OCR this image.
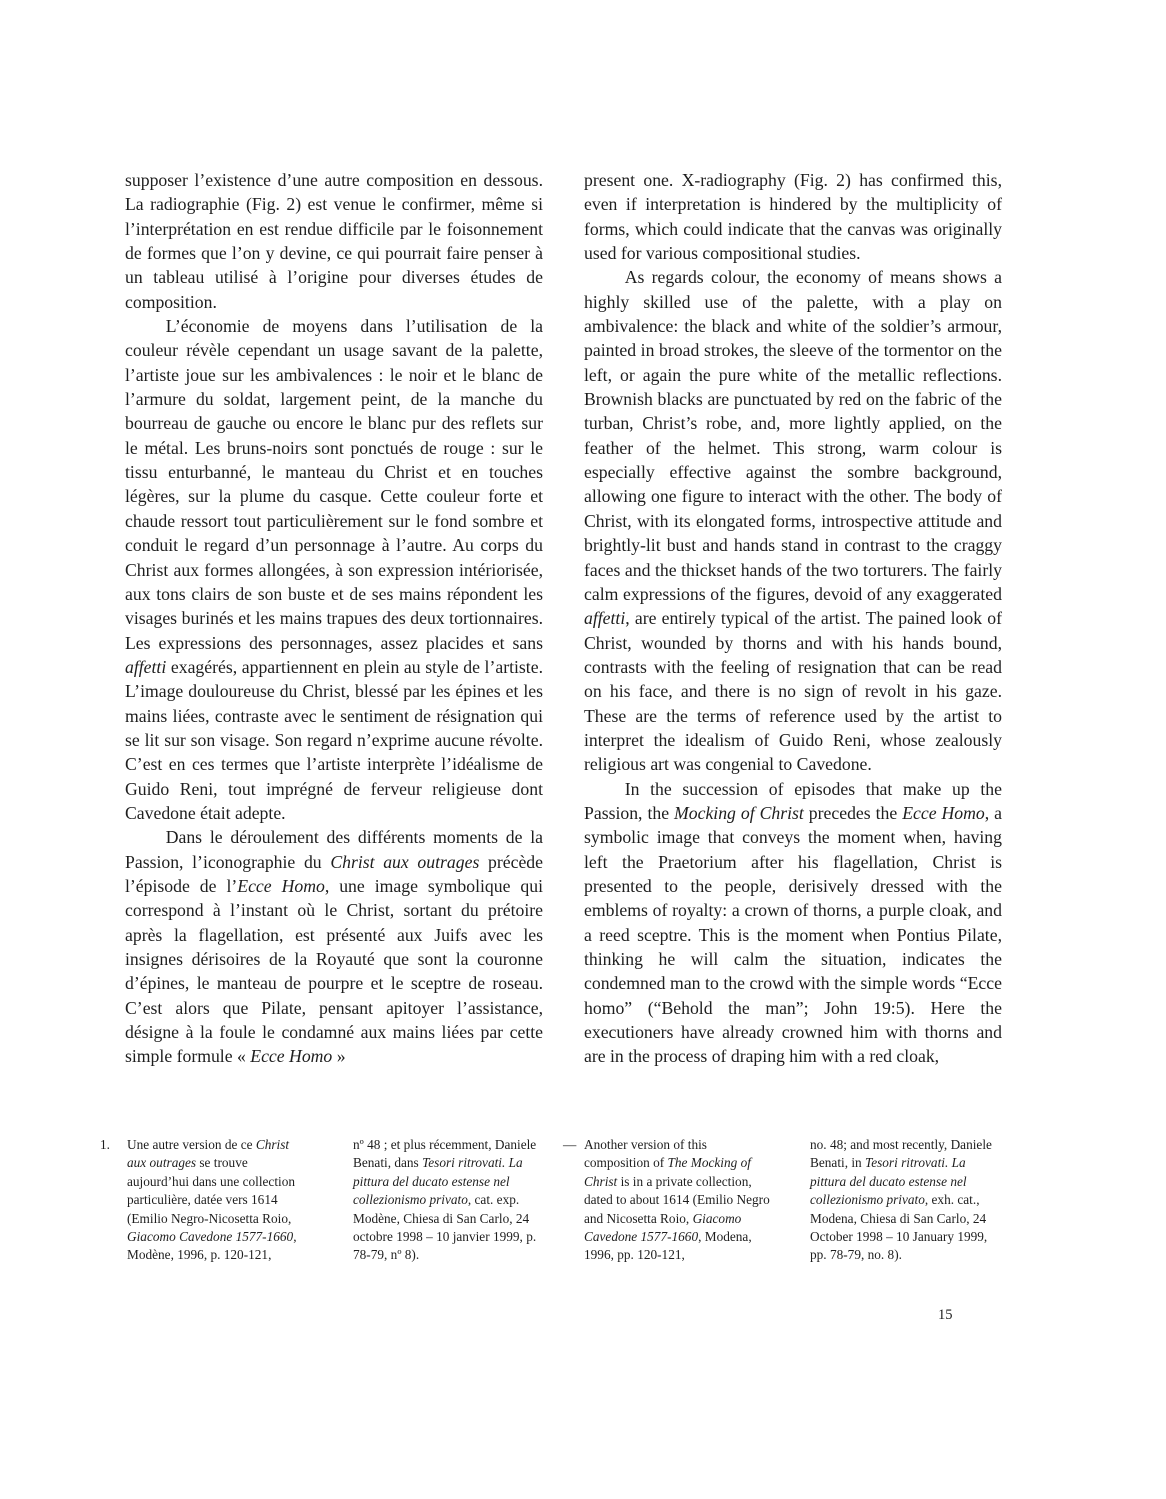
supposer l’existence d’une autre composition en dessous. La radiographie (Fig. 2) est venue le confirmer, même si l’interprétation en est rendue difficile par le foisonnement de formes que l’on y devine, ce qui pourrait faire penser à un tableau utilisé à l’origine pour diverses études de composition.

L’économie de moyens dans l’utilisation de la couleur révèle cependant un usage savant de la palette, l’artiste joue sur les ambivalences : le noir et le blanc de l’armure du soldat, largement peint, de la manche du bourreau de gauche ou encore le blanc pur des reflets sur le métal. Les bruns-noirs sont ponctués de rouge : sur le tissu enturbanné, le manteau du Christ et en touches légères, sur la plume du casque. Cette couleur forte et chaude ressort tout particulièrement sur le fond sombre et conduit le regard d’un personnage à l’autre. Au corps du Christ aux formes allongées, à son expression intériorisée, aux tons clairs de son buste et de ses mains répondent les visages burinés et les mains trapues des deux tortionnaires. Les expressions des personnages, assez placides et sans affetti exagérés, appartiennent en plein au style de l’artiste. L’image douloureuse du Christ, blessé par les épines et les mains liées, contraste avec le sentiment de résignation qui se lit sur son visage. Son regard n’exprime aucune révolte. C’est en ces termes que l’artiste interprète l’idéalisme de Guido Reni, tout imprégné de ferveur religieuse dont Cavedone était adepte.

Dans le déroulement des différents moments de la Passion, l’iconographie du Christ aux outrages précède l’épisode de l’Ecce Homo, une image symbolique qui correspond à l’instant où le Christ, sortant du prétoire après la flagellation, est présenté aux Juifs avec les insignes dérisoires de la Royauté que sont la couronne d’épines, le manteau de pourpre et le sceptre de roseau. C’est alors que Pilate, pensant apitoyer l’assistance, désigne à la foule le condamné aux mains liées par cette simple formule « Ecce Homo »

present one. X-radiography (Fig. 2) has confirmed this, even if interpretation is hindered by the multiplicity of forms, which could indicate that the canvas was originally used for various compositional studies.

As regards colour, the economy of means shows a highly skilled use of the palette, with a play on ambivalence: the black and white of the soldier’s armour, painted in broad strokes, the sleeve of the tormentor on the left, or again the pure white of the metallic reflections. Brownish blacks are punctuated by red on the fabric of the turban, Christ’s robe, and, more lightly applied, on the feather of the helmet. This strong, warm colour is especially effective against the sombre background, allowing one figure to interact with the other. The body of Christ, with its elongated forms, introspective attitude and brightly-lit bust and hands stand in contrast to the craggy faces and the thickset hands of the two torturers. The fairly calm expressions of the figures, devoid of any exaggerated affetti, are entirely typical of the artist. The pained look of Christ, wounded by thorns and with his hands bound, contrasts with the feeling of resignation that can be read on his face, and there is no sign of revolt in his gaze. These are the terms of reference used by the artist to interpret the idealism of Guido Reni, whose zealously religious art was congenial to Cavedone.

In the succession of episodes that make up the Passion, the Mocking of Christ precedes the Ecce Homo, a symbolic image that conveys the moment when, having left the Praetorium after his flagellation, Christ is presented to the people, derisively dressed with the emblems of royalty: a crown of thorns, a purple cloak, and a reed sceptre. This is the moment when Pontius Pilate, thinking he will calm the situation, indicates the condemned man to the crowd with the simple words “Ecce homo” (“Behold the man”; John 19:5). Here the executioners have already crowned him with thorns and are in the process of draping him with a red cloak,

1.	Une autre version de ce Christ aux outrages se trouve aujourd’hui dans une collection particulière, datée vers 1614 (Emilio Negro-Nicosetta Roio, Giacomo Cavedone 1577-1660, Modène, 1996, p. 120-121,
nº 48 ; et plus récemment, Daniele Benati, dans Tesori ritrovati. La pittura del ducato estense nel collezionismo privato, cat. exp. Modène, Chiesa di San Carlo, 24 octobre 1998 – 10 janvier 1999, p. 78-79, nº 8).
— Another version of this composition of The Mocking of Christ is in a private collection, dated to about 1614 (Emilio Negro and Nicosetta Roio, Giacomo Cavedone 1577-1660, Modena, 1996, pp. 120-121,
no. 48; and most recently, Daniele Benati, in Tesori ritrovati. La pittura del ducato estense nel collezionismo privato, exh. cat., Modena, Chiesa di San Carlo, 24 October 1998 – 10 January 1999, pp. 78-79, no. 8).
15
